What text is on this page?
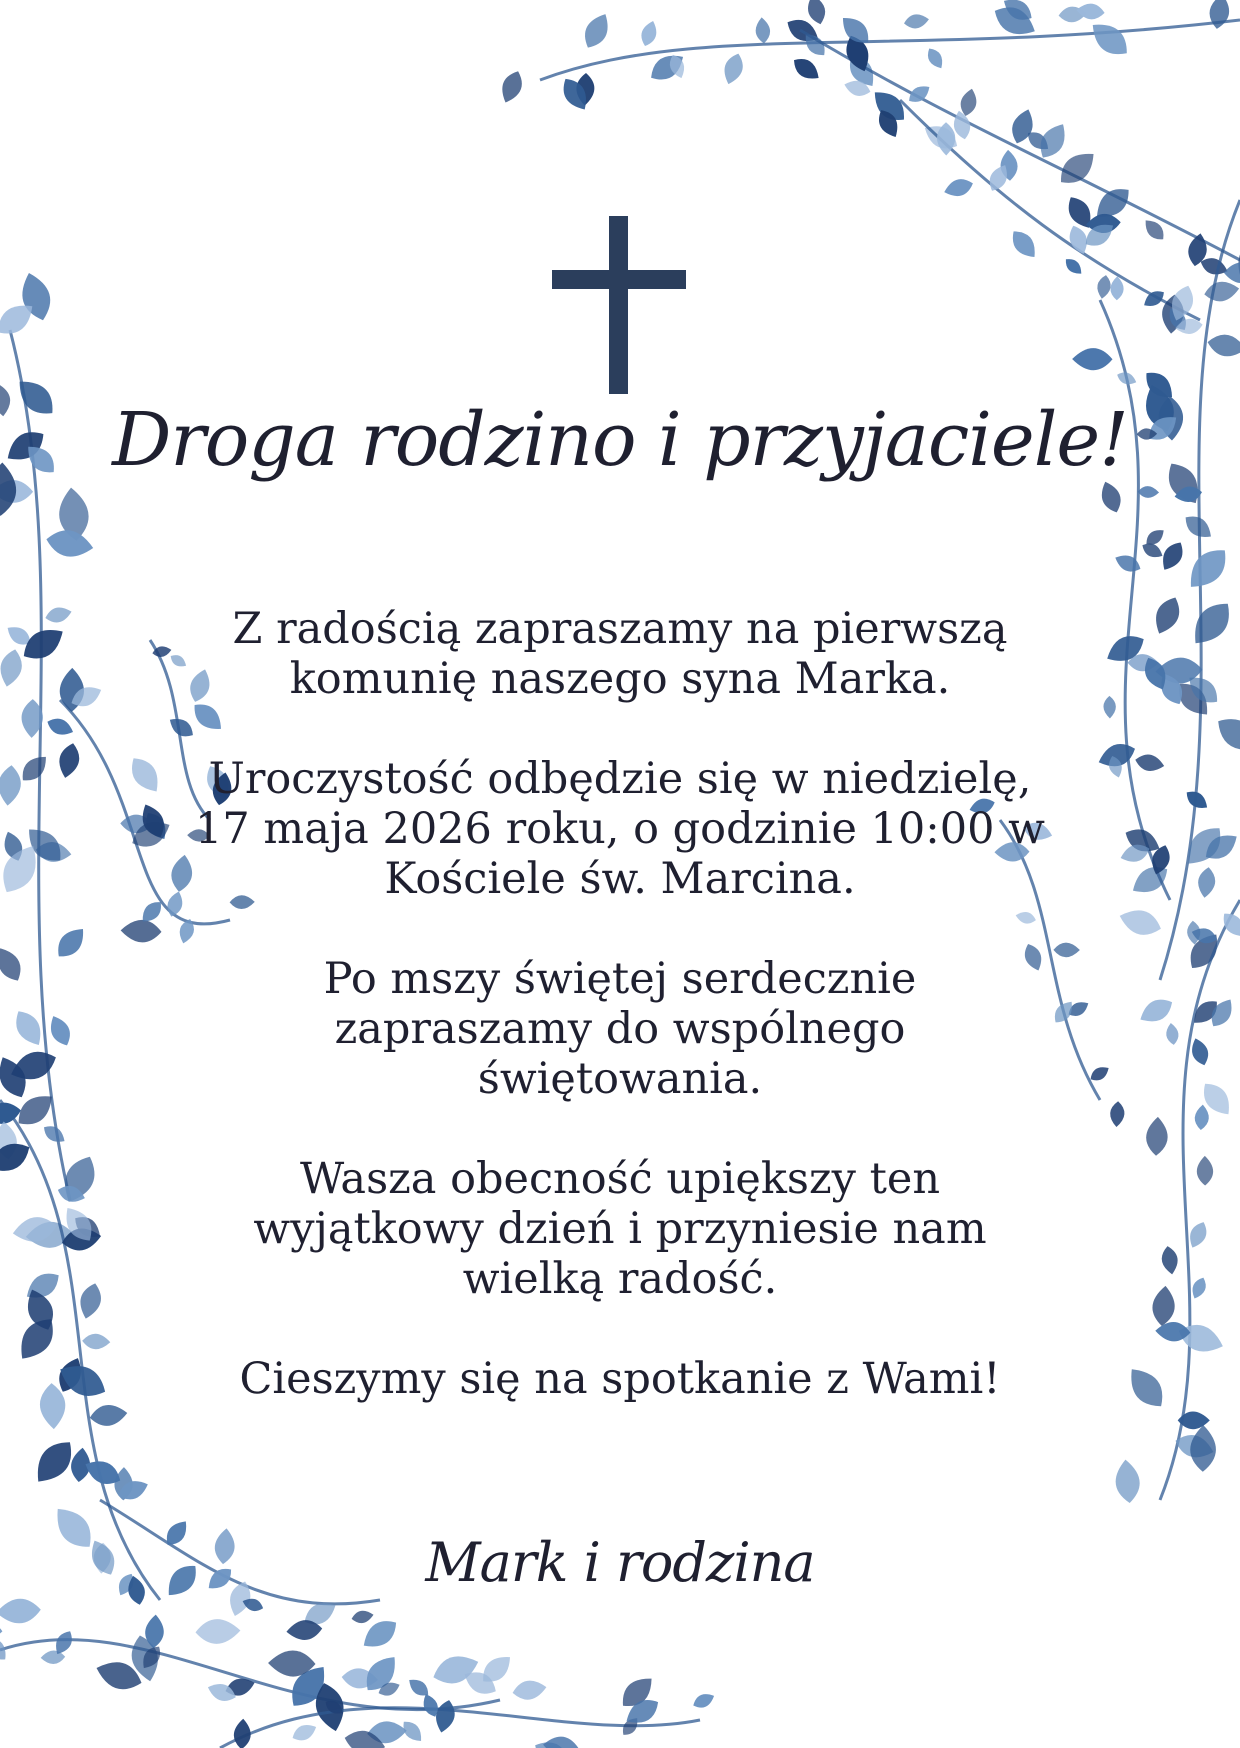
Droga rodzino i przyjaciele!

Z radością zapraszamy na pierwszą komunię naszego syna Marka.

Uroczystość odbędzie się w niedzielę, 17 maja 2026 roku, o godzinie 10:00 w Kościele św. Marcina.

Po mszy świętej serdecznie zapraszamy do wspólnego świętowania.

Wasza obecność upiększy ten wyjątkowy dzień i przyniesie nam wielką radość.

Cieszymy się na spotkanie z Wami!

Mark i rodzina
